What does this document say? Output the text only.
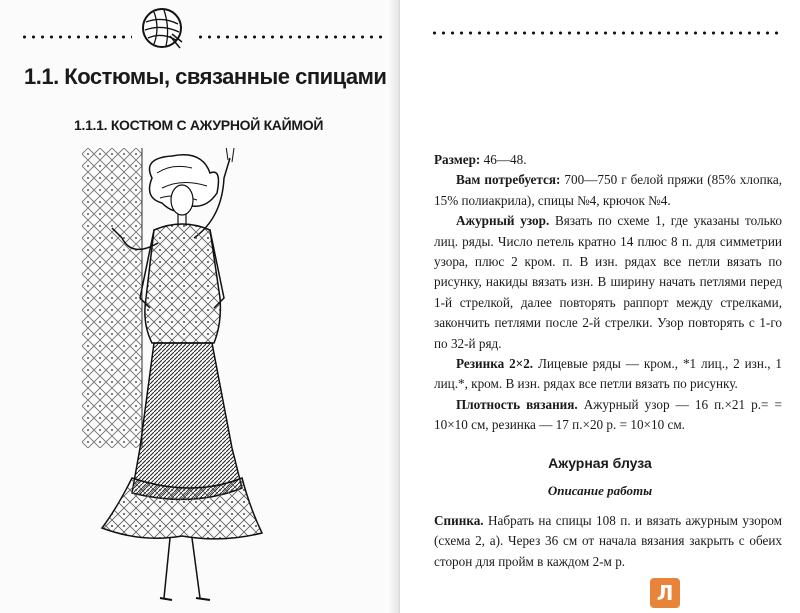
1.1. Костюмы, связанные спицами
1.1.1. КОСТЮМ С АЖУРНОЙ КАЙМОЙ

Размер: 46—48.

Вам потребуется: 700—750 г белой пряжи (85% хлопка, 15% полиакрила), спицы №4, крючок №4.

Ажурный узор. Вязать по схеме 1, где указаны только лиц. ряды. Число петель кратно 14 плюс 8 п. для симметрии узора, плюс 2 кром. п. В изн. рядах все петли вязать по рисунку, накиды вязать изн. В ширину начать петлями перед 1-й стрелкой, далее повторять раппорт между стрелками, закончить петлями после 2-й стрелки. Узор повторять с 1-го по 32-й ряд.

Резинка 2×2. Лицевые ряды — кром., *1 лиц., 2 изн., 1 лиц.*, кром. В изн. рядах все петли вязать по рисунку.

Плотность вязания. Ажурный узор — 16 п.×21 р.= = 10×10 см, резинка — 17 п.×20 р. = 10×10 см.

Ажурная блуза
Описание работы

Спинка. Набрать на спицы 108 п. и вязать ажурным узором (схема 2, а). Через 36 см от начала вязания закрыть с обеих сторон для пройм в каждом 2-м р.

Л
